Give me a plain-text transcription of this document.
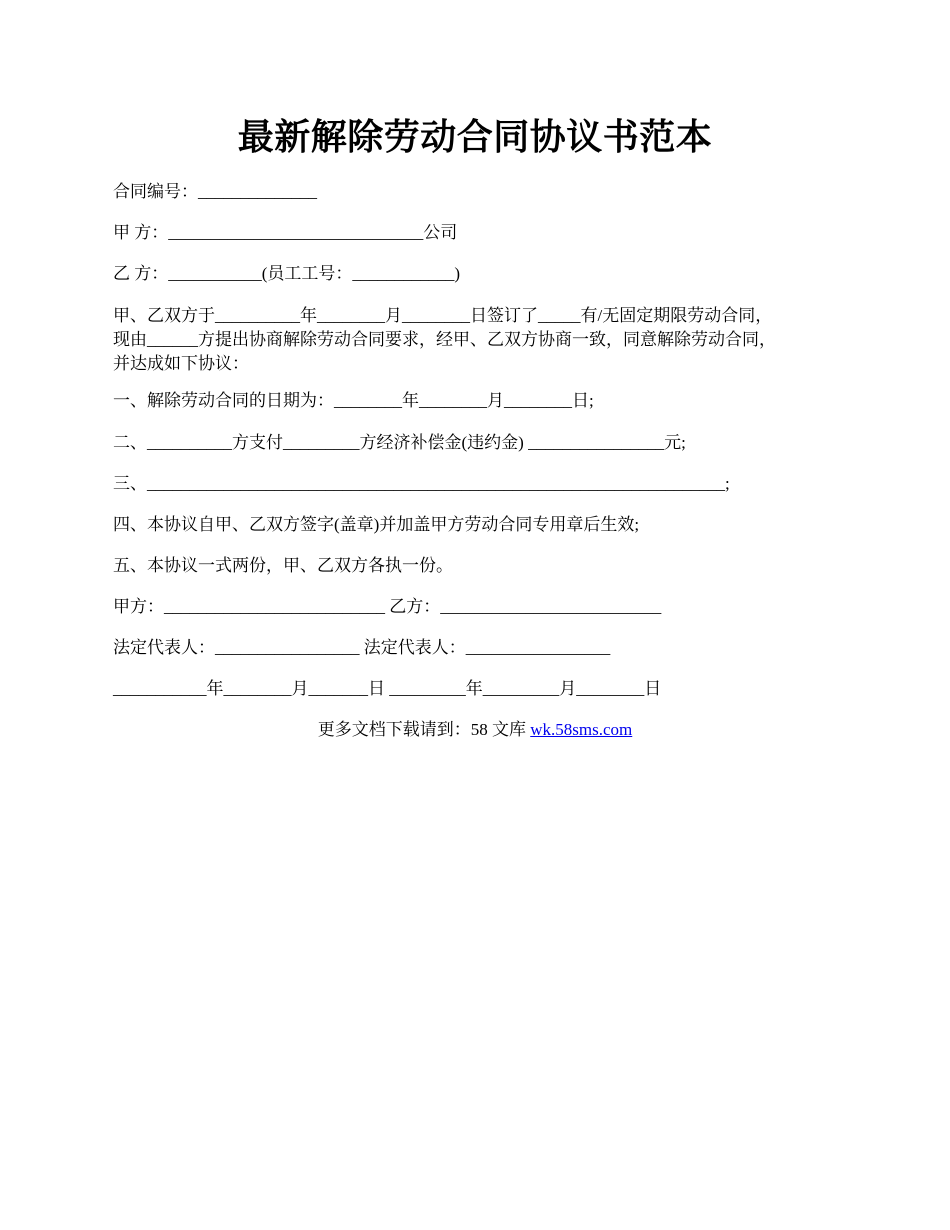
最新解除劳动合同协议书范本
合同编号：______________
甲 方：______________________________公司
乙 方：___________(员工工号：____________)
甲、乙双方于__________年________月________日签订了_____有/无固定期限劳动合同，
现由______方提出协商解除劳动合同要求，经甲、乙双方协商一致，同意解除劳动合同，
并达成如下协议：
一、解除劳动合同的日期为：________年________月________日;
二、__________方支付_________方经济补偿金(违约金) ________________元;
三、____________________________________________________________________;
四、本协议自甲、乙双方签字(盖章)并加盖甲方劳动合同专用章后生效;
五、本协议一式两份，甲、乙双方各执一份。
甲方：__________________________ 乙方：__________________________
法定代表人：_________________ 法定代表人：_________________
___________年________月_______日 _________年_________月________日
更多文档下载请到：58 文库 wk.58sms.com
